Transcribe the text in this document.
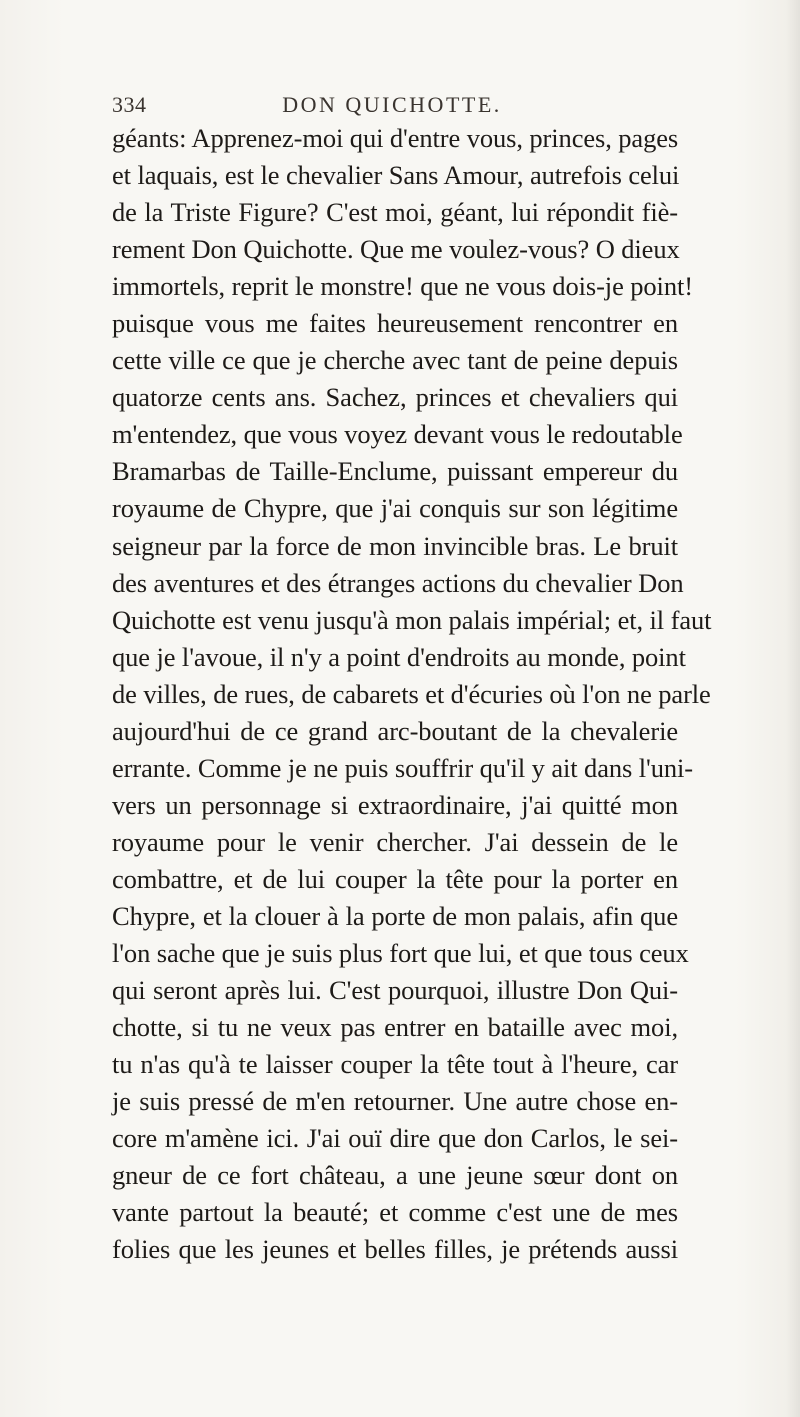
334	DON QUICHOTTE.
géants: Apprenez-moi qui d'entre vous, princes, pages
et laquais, est le chevalier Sans Amour, autrefois celui
de la Triste Figure? C'est moi, géant, lui répondit fiè-
rement Don Quichotte. Que me voulez-vous? O dieux
immortels, reprit le monstre! que ne vous dois-je point!
puisque vous me faites heureusement rencontrer en
cette ville ce que je cherche avec tant de peine depuis
quatorze cents ans. Sachez, princes et chevaliers qui
m'entendez, que vous voyez devant vous le redoutable
Bramarbas de Taille-Enclume, puissant empereur du
royaume de Chypre, que j'ai conquis sur son légitime
seigneur par la force de mon invincible bras. Le bruit
des aventures et des étranges actions du chevalier Don
Quichotte est venu jusqu'à mon palais impérial; et, il faut
que je l'avoue, il n'y a point d'endroits au monde, point
de villes, de rues, de cabarets et d'écuries où l'on ne parle
aujourd'hui de ce grand arc-boutant de la chevalerie
errante. Comme je ne puis souffrir qu'il y ait dans l'uni-
vers un personnage si extraordinaire, j'ai quitté mon
royaume pour le venir chercher. J'ai dessein de le
combattre, et de lui couper la tête pour la porter en
Chypre, et la clouer à la porte de mon palais, afin que
l'on sache que je suis plus fort que lui, et que tous ceux
qui seront après lui. C'est pourquoi, illustre Don Qui-
chotte, si tu ne veux pas entrer en bataille avec moi,
tu n'as qu'à te laisser couper la tête tout à l'heure, car
je suis pressé de m'en retourner. Une autre chose en-
core m'amène ici. J'ai ouï dire que don Carlos, le sei-
gneur de ce fort château, a une jeune sœur dont on
vante partout la beauté; et comme c'est une de mes
folies que les jeunes et belles filles, je prétends aussi
